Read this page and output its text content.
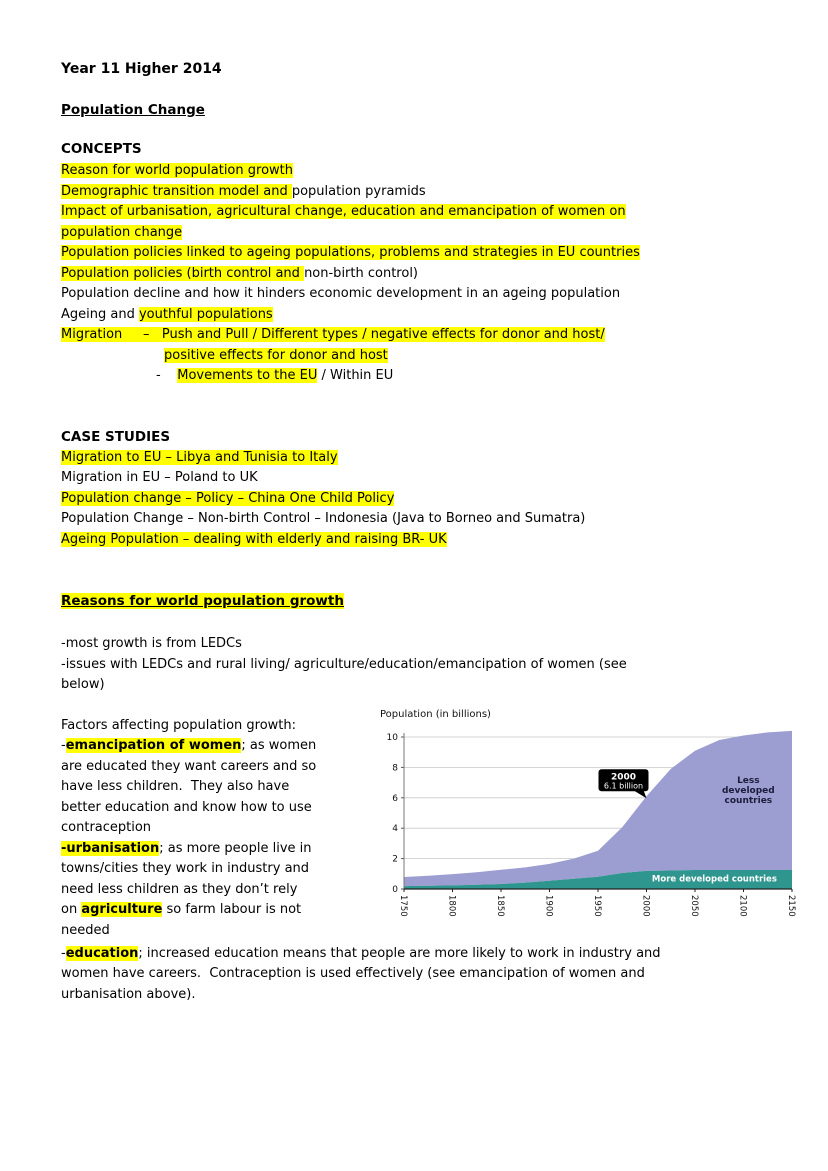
Year 11 Higher 2014
Population Change
CONCEPTS
Reason for world population growth
Demographic transition model and population pyramids
Impact of urbanisation, agricultural change, education and emancipation of women on
population change
Population policies linked to ageing populations, problems and strategies in EU countries
Population policies (birth control and non-birth control)
Population decline and how it hinders economic development in an ageing population
Ageing and youthful populations
Migration     –   Push and Pull / Different types / negative effects for donor and host/
positive effects for donor and host
-    Movements to the EU / Within EU
CASE STUDIES
Migration to EU – Libya and Tunisia to Italy
Migration in EU – Poland to UK
Population change – Policy – China One Child Policy
Population Change – Non-birth Control – Indonesia (Java to Borneo and Sumatra)
Ageing Population – dealing with elderly and raising BR- UK
Reasons for world population growth
-most growth is from LEDCs
-issues with LEDCs and rural living/ agriculture/education/emancipation of women (see
below)
Factors affecting population growth:
-emancipation of women; as women
are educated they want careers and so
have less children.  They also have
better education and know how to use
contraception
-urbanisation; as more people live in
towns/cities they work in industry and
need less children as they don’t rely
on agriculture so farm labour is not
needed
Population (in billions)
0
2
4
6
8
10
1750	1800	1850	1900	1950	2000	2050	2100	2150
2000
6.1 billion	Less
developed
countries
More developed countries
-education; increased education means that people are more likely to work in industry and
women have careers.  Contraception is used effectively (see emancipation of women and
urbanisation above).
